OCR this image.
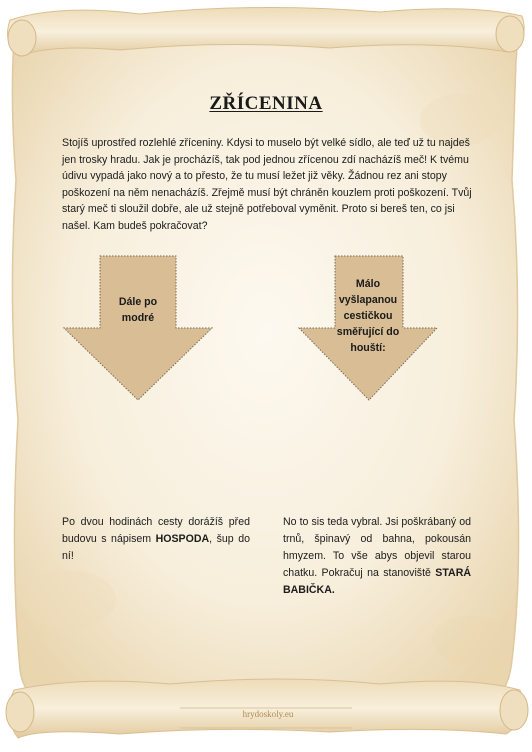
ZŘÍCENINA
Stojíš uprostřed rozlehlé zříceniny. Kdysi to muselo být velké sídlo, ale teď už tu najdeš jen trosky hradu. Jak je procházíš, tak pod jednou zřícenou zdí nacházíš meč! K tvému údivu vypadá jako nový a to přesto, že tu musí ležet již věky. Žádnou rez ani stopy poškození na něm nenacházíš. Zřejmě musí být chráněn kouzlem proti poškození. Tvůj starý meč ti sloužil dobře, ale už stejně potřeboval vyměnit. Proto si bereš ten, co jsi našel. Kam budeš pokračovat?
Dále po
modré
Málo
vyšlapanou
cestičkou
směřující do
houští:
Po dvou hodinách cesty dorážíš před budovu s nápisem HOSPODA, šup do ní!
No to sis teda vybral. Jsi poškrábaný od trnů, špinavý od bahna, pokousán hmyzem. To vše abys objevil starou chatku. Pokračuj na stanoviště STARÁ BABIČKA.
hrydoskoly.eu
